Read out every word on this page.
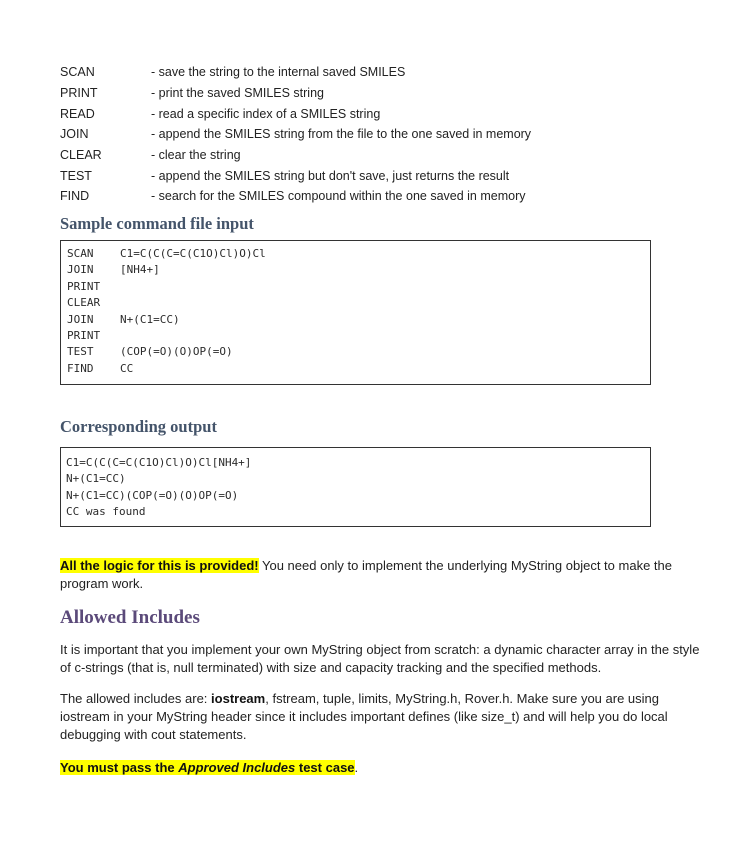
SCAN	- save the string to the internal saved SMILES
PRINT	- print the saved SMILES string
READ	- read a specific index of a SMILES string
JOIN	- append the SMILES string from the file to the one saved in memory
CLEAR	- clear the string
TEST	- append the SMILES string but don't save, just returns the result
FIND	- search for the SMILES compound within the one saved in memory
Sample command file input
SCAN C1=C(C(C=C(C1O)Cl)O)Cl
JOIN [NH4+]
PRINT
CLEAR
JOIN N+(C1=CC)
PRINT
TEST (COP(=O)(O)OP(=O)
FIND CC
Corresponding output
C1=C(C(C=C(C1O)Cl)O)Cl[NH4+]
N+(C1=CC)
N+(C1=CC)(COP(=O)(O)OP(=O)
CC was found
All the logic for this is provided! You need only to implement the underlying MyString object to make the program work.
Allowed Includes
It is important that you implement your own MyString object from scratch: a dynamic character array in the style of c-strings (that is, null terminated) with size and capacity tracking and the specified methods.
The allowed includes are: iostream, fstream, tuple, limits, MyString.h, Rover.h. Make sure you are using iostream in your MyString header since it includes important defines (like size_t) and will help you do local debugging with cout statements.
You must pass the Approved Includes test case.
